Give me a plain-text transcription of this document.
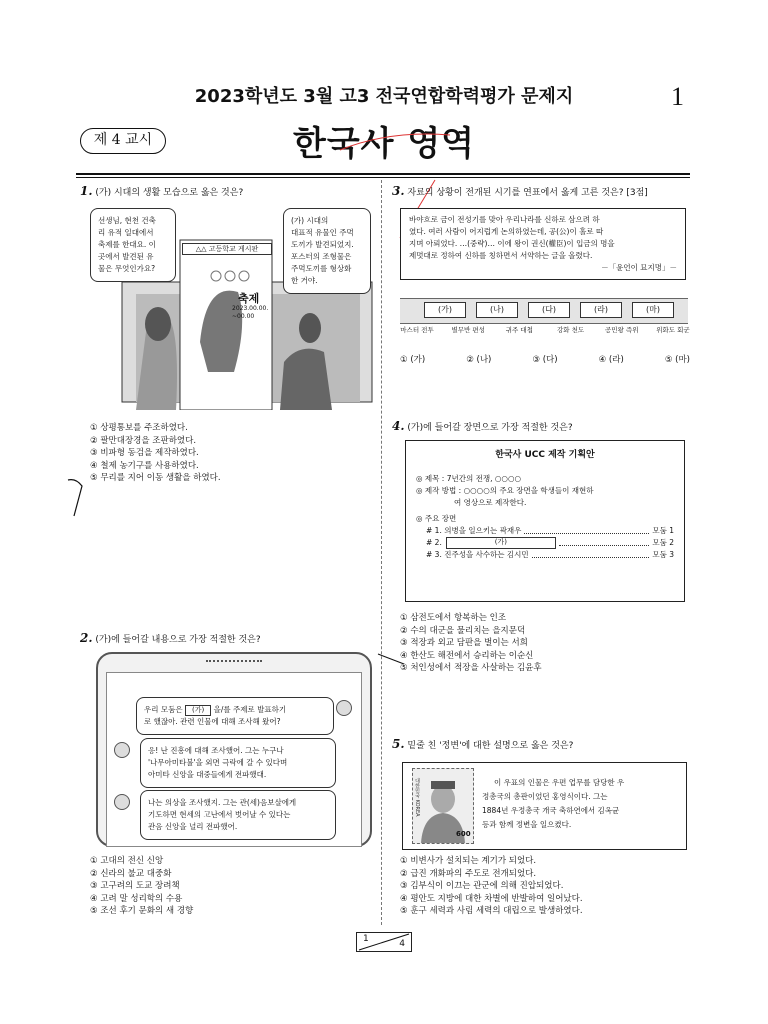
2023학년도 3월 고3 전국연합학력평가 문제지	1
제 4 교시	한국사 영역
1. (가) 시대의 생활 모습으로 옳은 것은?
△△ 고등학교 게시판
축제
2023.00.00. ~00.00
선생님, 현천 건축
리 유적 일대에서
축제를 한대요. 이
곳에서 발견된 유
물은 무엇인가요?
(가) 시대의
대표적 유물인 주먹
도끼가 발견되었지.
포스터의 조형물은
주먹도끼를 형상화
한 거야.
① 상평통보를 주조하였다.
② 팔만대장경을 조판하였다.
③ 비파형 동검을 제작하였다.
④ 철제 농기구를 사용하였다.
⑤ 무리를 지어 이동 생활을 하였다.
2. (가)에 들어갈 내용으로 가장 적절한 것은?
우리 모둠은 (가) 을/를 주제로 발표하기
로 했잖아. 관련 인물에 대해 조사해 왔어?
응! 난 진흥에 대해 조사했어. 그는 누구나
'나무아미타불'을 외면 극락에 갈 수 있다며
아미타 신앙을 대중들에게 전파했대.
나는 의상을 조사했지. 그는 관(세)음보살에게
기도하면 현세의 고난에서 벗어날 수 있다는
관음 신앙을 널리 전파했어.
① 고대의 전신 신앙
② 신라의 불교 대중화
③ 고구려의 도교 장려책
④ 고려 말 성리학의 수용
⑤ 조선 후기 문화의 새 경향
3. 자료의 상황이 전개된 시기를 연표에서 옳게 고른 것은? [3점]
바야흐로 금이 전성기를 맞아 우리나라를 신하로 삼으려 하
였다. 여러 사람이 어지럽게 논의하였는데, 공(公)이 홀로 따
지며 아뢰었다. …(중략)… 이에 왕이 권신(權臣)이 입금의 명을
제멋대로 정하여 신하를 칭하면서 서약하는 글을 올렸다.
－「윤언이 묘지명」－
(가)	(나)	(다)	(라)	(마)
마스터 전투	별무반 편성	귀주 대첩	강화 천도	공민왕 즉위	위화도 회군
① (가)	② (나)	③ (다)	④ (라)	⑤ (마)
4. (가)에 들어갈 장면으로 가장 적절한 것은?
한국사 UCC 제작 기획안
◎ 제목 : 7년간의 전쟁, ○○○○
◎ 제작 방법 : ○○○○의 주요 장면을 학생들이 재현하
여 영상으로 제작한다.
◎ 주요 장면
# 1. 의병을 일으키는 곽재우	모둠 1
# 2.	(가)	모둠 2
# 3. 진주성을 사수하는 김시민	모둠 3
① 삼전도에서 항복하는 인조
② 수의 대군을 물리치는 을지문덕
③ 적장과 외교 담판을 벌이는 서희
④ 한산도 해전에서 승리하는 이순신
⑤ 처인성에서 적장을 사살하는 김윤후
5. 밑줄 친 '정변'에 대한 설명으로 옳은 것은?
대한민국 KOREA
600
이 우표의 인물은 우편 업무를 담당한 우
정총국의 총판이었던 홍영식이다. 그는
1884년 우정총국 개국 축하연에서 김옥균
등과 함께 정변을 일으켰다.
① 비변사가 설치되는 계기가 되었다.
② 급진 개화파의 주도로 전개되었다.
③ 김부식이 이끄는 관군에 의해 진압되었다.
④ 평안도 지방에 대한 차별에 반발하여 일어났다.
⑤ 훈구 세력과 사림 세력의 대립으로 발생하였다.
1	4
